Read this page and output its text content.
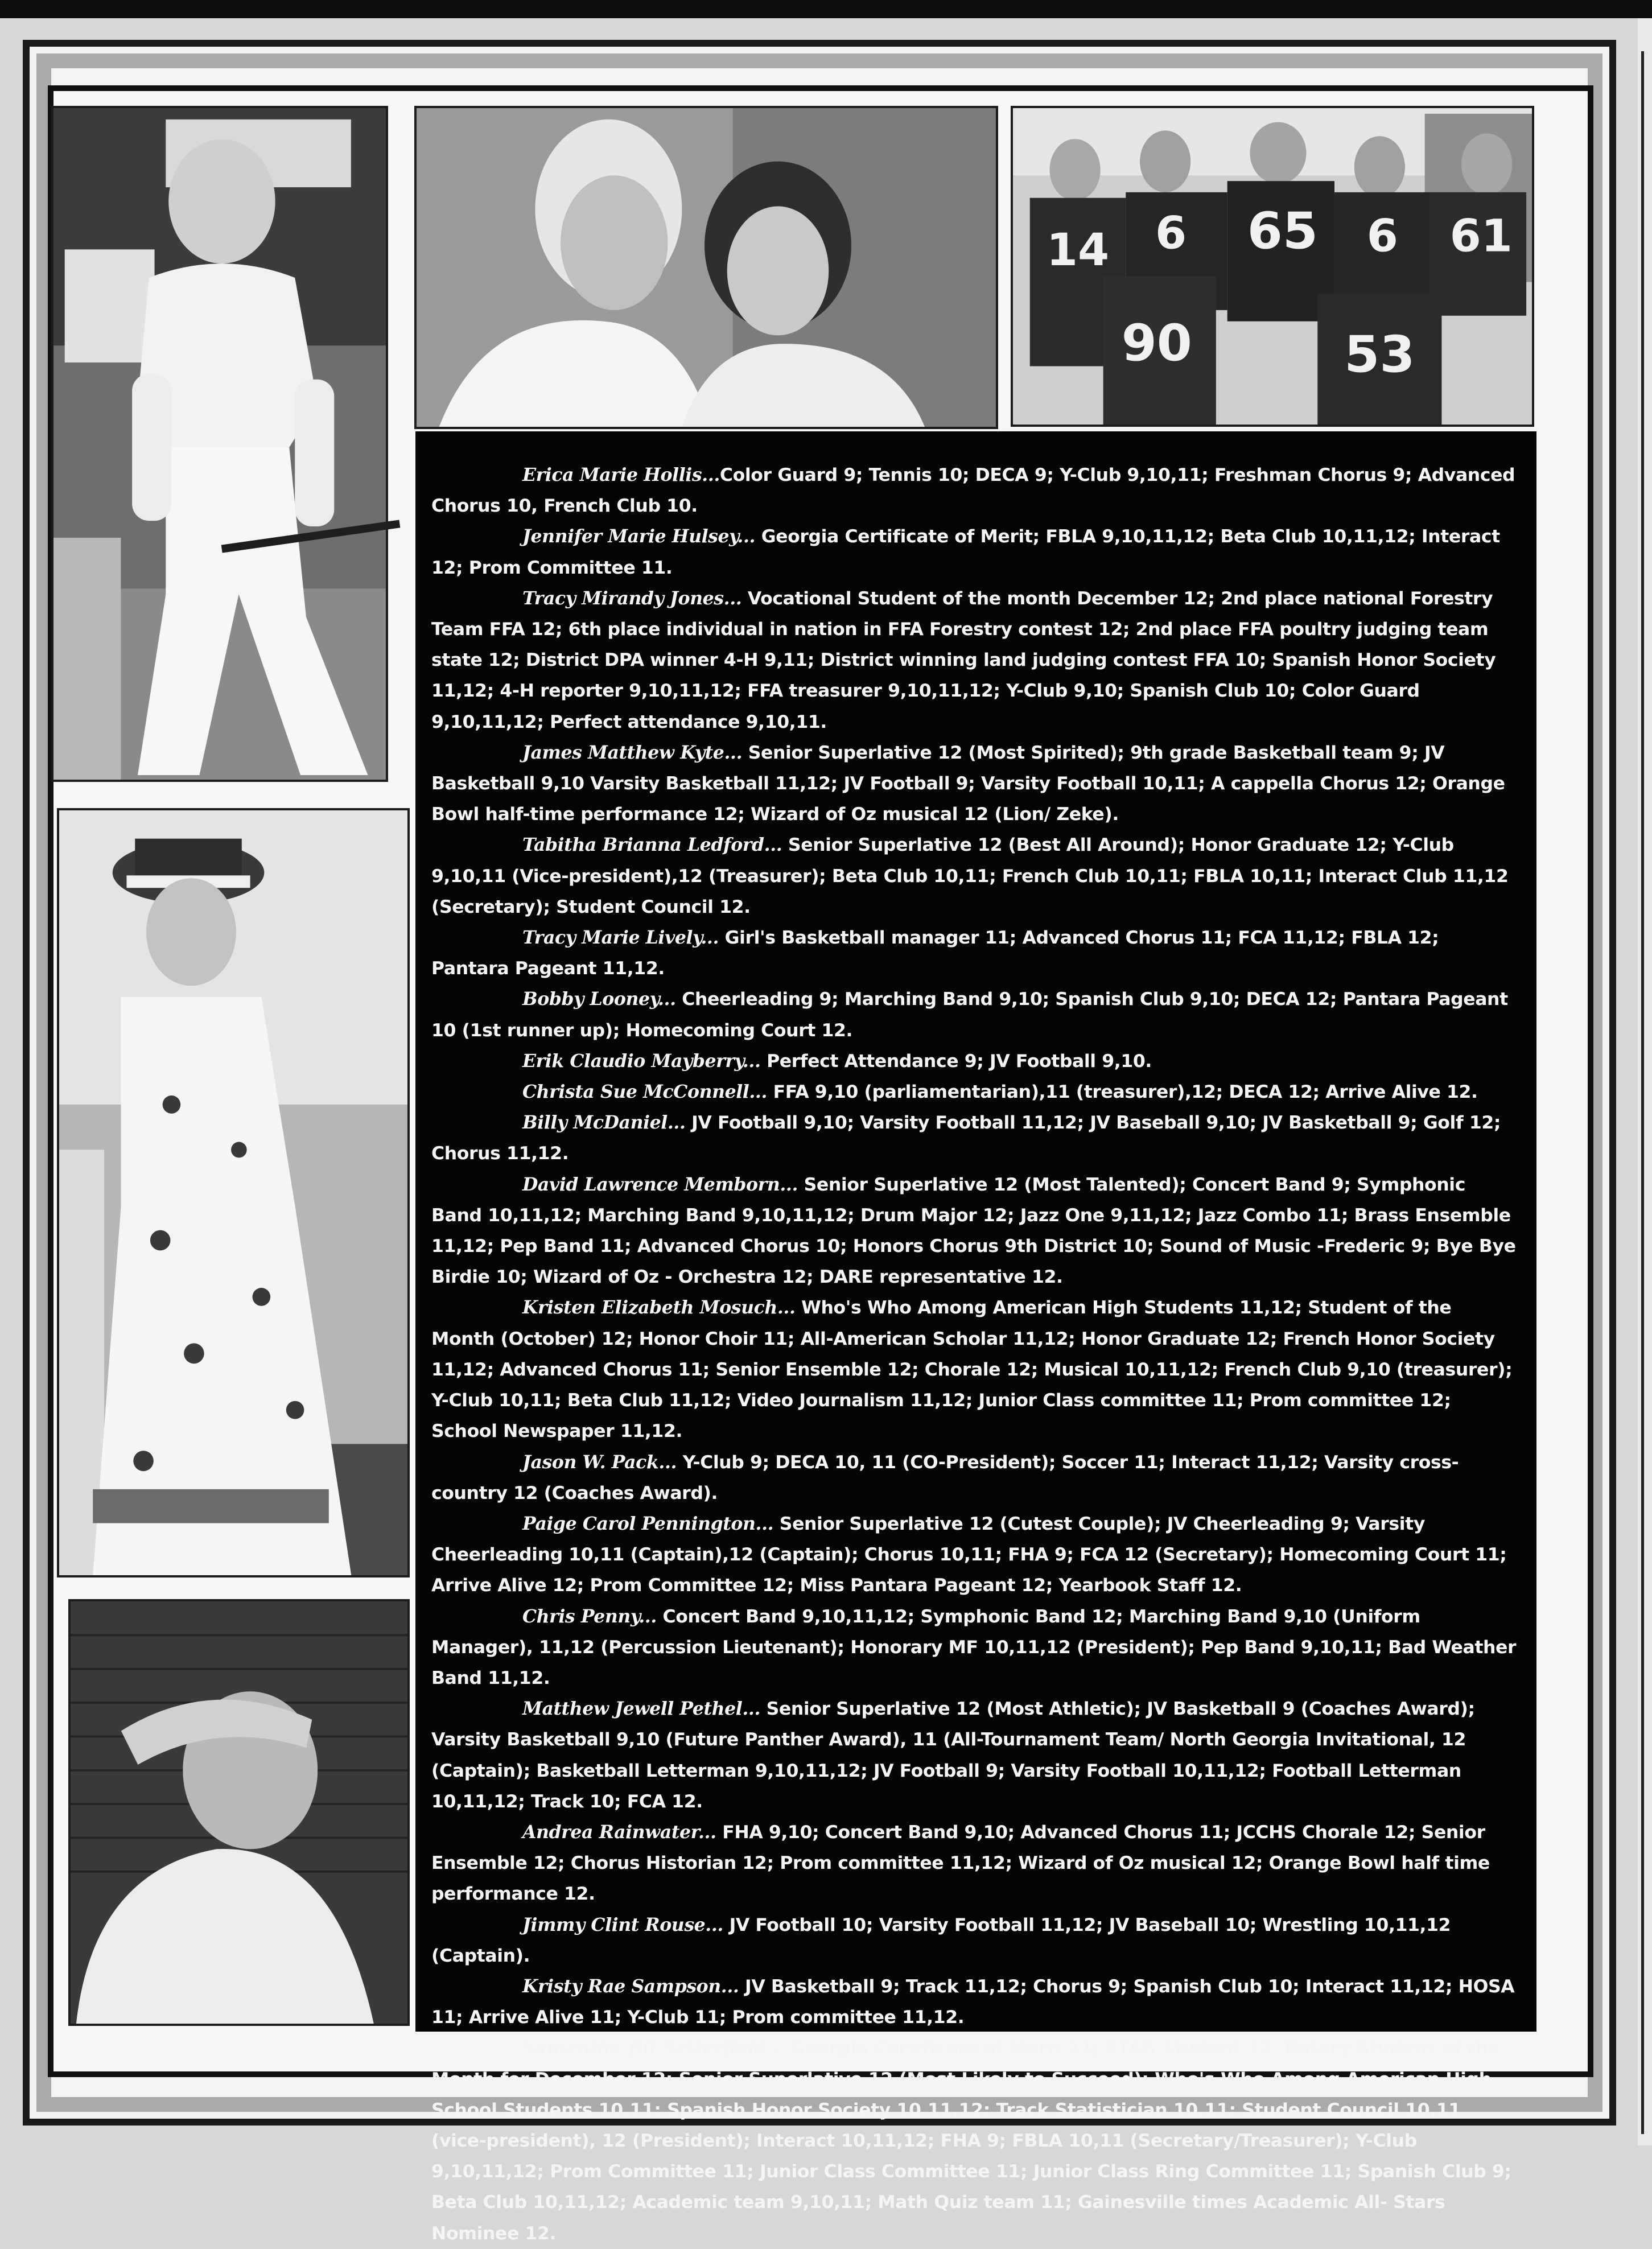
14 6 65 6 61
90	53

Erica Marie Hollis...Color Guard 9; Tennis 10; DECA 9; Y-Club 9,10,11; Freshman Chorus 9; Advanced Chorus 10, French Club 10.

Jennifer Marie Hulsey... Georgia Certificate of Merit; FBLA 9,10,11,12; Beta Club 10,11,12; Interact 12; Prom Committee 11.

Tracy Mirandy Jones... Vocational Student of the month December 12; 2nd place national Forestry Team FFA 12; 6th place individual in nation in FFA Forestry contest 12; 2nd place FFA poultry judging team state 12; District DPA winner 4-H 9,11; District winning land judging contest FFA 10; Spanish Honor Society 11,12; 4-H reporter 9,10,11,12; FFA treasurer 9,10,11,12; Y-Club 9,10; Spanish Club 10; Color Guard 9,10,11,12; Perfect attendance 9,10,11.

James Matthew Kyte... Senior Superlative 12 (Most Spirited); 9th grade Basketball team 9; JV Basketball 9,10 Varsity Basketball 11,12; JV Football 9; Varsity Football 10,11; A cappella Chorus 12; Orange Bowl half-time performance 12; Wizard of Oz musical 12 (Lion/ Zeke).

Tabitha Brianna Ledford... Senior Superlative 12 (Best All Around); Honor Graduate 12; Y-Club 9,10,11 (Vice-president),12 (Treasurer); Beta Club 10,11; French Club 10,11; FBLA 10,11; Interact Club 11,12 (Secretary); Student Council 12.

Tracy Marie Lively... Girl's Basketball manager 11; Advanced Chorus 11; FCA 11,12; FBLA 12; Pantara Pageant 11,12.

Bobby Looney... Cheerleading 9; Marching Band 9,10; Spanish Club 9,10; DECA 12; Pantara Pageant 10 (1st runner up); Homecoming Court 12.

Erik Claudio Mayberry... Perfect Attendance 9; JV Football 9,10.

Christa Sue McConnell... FFA 9,10 (parliamentarian),11 (treasurer),12; DECA 12; Arrive Alive 12.

Billy McDaniel... JV Football 9,10; Varsity Football 11,12; JV Baseball 9,10; JV Basketball 9; Golf 12; Chorus 11,12.

David Lawrence Memborn... Senior Superlative 12 (Most Talented); Concert Band 9; Symphonic Band 10,11,12; Marching Band 9,10,11,12; Drum Major 12; Jazz One 9,11,12; Jazz Combo 11; Brass Ensemble 11,12; Pep Band 11; Advanced Chorus 10; Honors Chorus 9th District 10; Sound of Music -Frederic 9; Bye Bye Birdie 10; Wizard of Oz - Orchestra 12; DARE representative 12.

Kristen Elizabeth Mosuch... Who's Who Among American High Students 11,12; Student of the Month (October) 12; Honor Choir 11; All-American Scholar 11,12; Honor Graduate 12; French Honor Society 11,12; Advanced Chorus 11; Senior Ensemble 12; Chorale 12; Musical 10,11,12; French Club 9,10 (treasurer); Y-Club 10,11; Beta Club 11,12; Video Journalism 11,12; Junior Class committee 11; Prom committee 12; School Newspaper 11,12.

Jason W. Pack... Y-Club 9; DECA 10, 11 (CO-President); Soccer 11; Interact 11,12; Varsity cross-country 12 (Coaches Award).

Paige Carol Pennington... Senior Superlative 12 (Cutest Couple); JV Cheerleading 9; Varsity Cheerleading 10,11 (Captain),12 (Captain); Chorus 10,11; FHA 9; FCA 12 (Secretary); Homecoming Court 11; Arrive Alive 12; Prom Committee 12; Miss Pantara Pageant 12; Yearbook Staff 12.

Chris Penny... Concert Band 9,10,11,12; Symphonic Band 12; Marching Band 9,10 (Uniform Manager), 11,12 (Percussion Lieutenant); Honorary MF 10,11,12 (President); Pep Band 9,10,11; Bad Weather Band 11,12.

Matthew Jewell Pethel... Senior Superlative 12 (Most Athletic); JV Basketball 9 (Coaches Award); Varsity Basketball 9,10 (Future Panther Award), 11 (All-Tournament Team/ North Georgia Invitational, 12 (Captain); Basketball Letterman 9,10,11,12; JV Football 9; Varsity Football 10,11,12; Football Letterman 10,11,12; Track 10; FCA 12.

Andrea Rainwater... FHA 9,10; Concert Band 9,10; Advanced Chorus 11; JCCHS Chorale 12; Senior Ensemble 12; Chorus Historian 12; Prom committee 11,12; Wizard of Oz musical 12; Orange Bowl half time performance 12.

Jimmy Clint Rouse... JV Football 10; Varsity Football 11,12; JV Baseball 10; Wrestling 10,11,12 (Captain).

Kristy Rae Sampson... JV Basketball 9; Track 11,12; Chorus 9; Spanish Club 10; Interact 11,12; HOSA 11; Arrive Alive 11; Y-Club 11; Prom committee 11,12.

Samantha Jill Satterfield... Georgia Certificate of Merit 11; STAR Student 12; Rotary Student of the Month for December 12; Senior Superlative 12 (Most Likely to Succeed); Who's Who Among American High School Students 10,11; Spanish Honor Society 10,11,12; Track Statistician 10,11; Student Council 10,11 (vice-president), 12 (President); Interact 10,11,12; FHA 9; FBLA 10,11 (Secretary/Treasurer); Y-Club 9,10,11,12; Prom Committee 11; Junior Class Committee 11; Junior Class Ring Committee 11; Spanish Club 9; Beta Club 10,11,12; Academic team 9,10,11; Math Quiz team 11; Gainesville times Academic All- Stars Nominee 12.
